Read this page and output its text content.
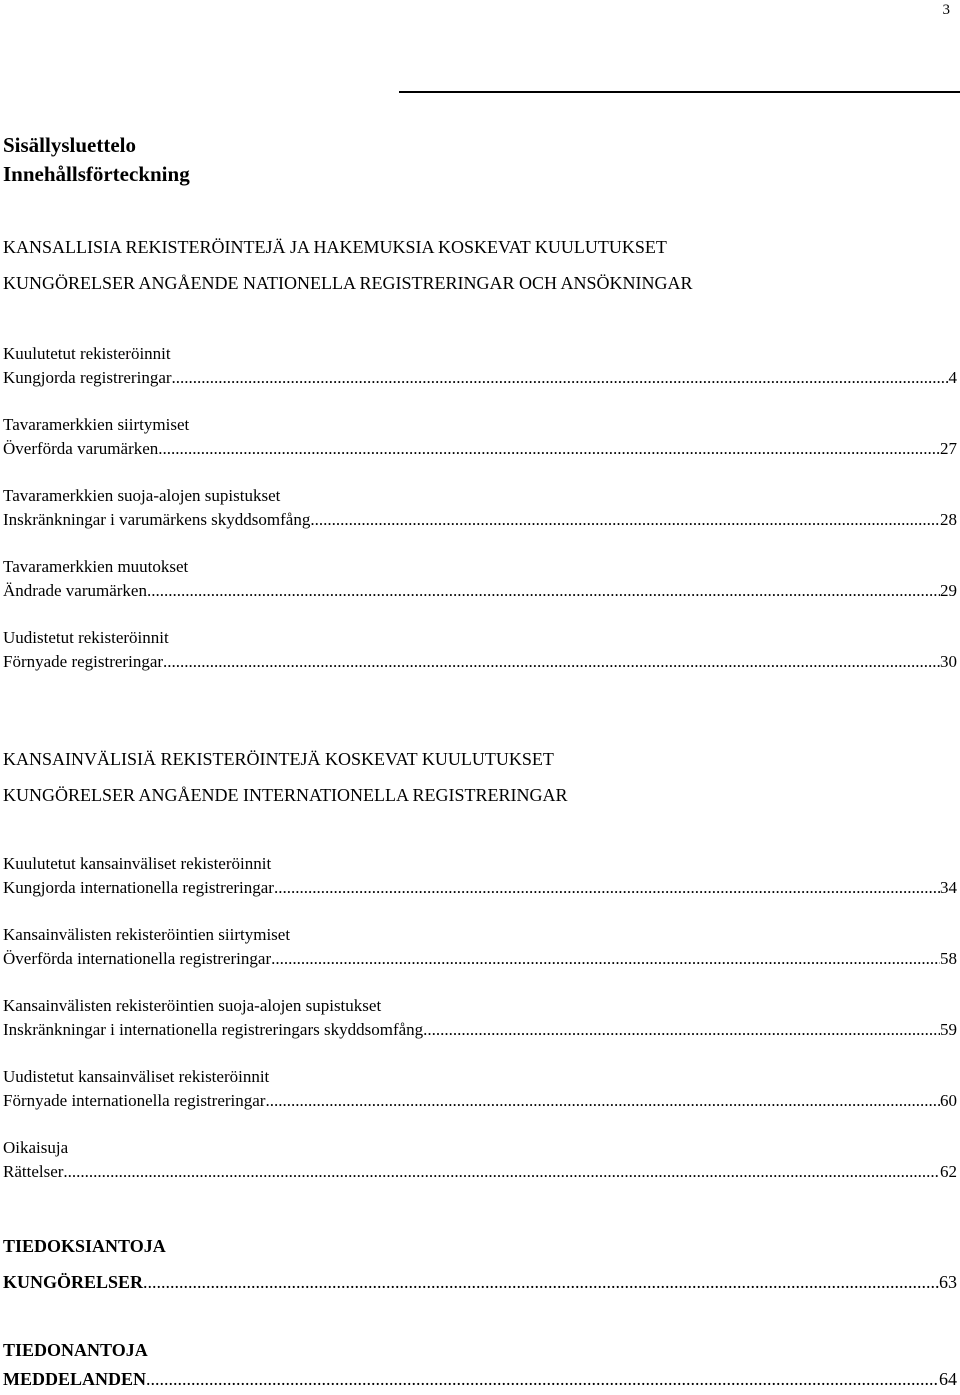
3
Sisällysluettelo
Innehållsförteckning
KANSALLISIA REKISTERÖINTEJÄ JA HAKEMUKSIA KOSKEVAT KUULUTUKSET
KUNGÖRELSER ANGÅENDE NATIONELLA REGISTRERINGAR OCH ANSÖKNINGAR
Kuulutetut rekisteröinnit
Kungjorda registreringar .....	4
Tavaramerkkien siirtymiset
Överförda varumärken .....	27
Tavaramerkkien suoja-alojen supistukset
Inskränkningar i varumärkens skyddsomfång .....	28
Tavaramerkkien muutokset
Ändrade varumärken .....	29
Uudistetut rekisteröinnit
Förnyade registreringar .....	30
KANSAINVÄLISIÄ REKISTERÖINTEJÄ KOSKEVAT KUULUTUKSET
KUNGÖRELSER ANGÅENDE INTERNATIONELLA REGISTRERINGAR
Kuulutetut kansainväliset rekisteröinnit
Kungjorda internationella registreringar .....	34
Kansainvälisten rekisteröintien siirtymiset
Överförda internationella registreringar .....	58
Kansainvälisten rekisteröintien suoja-alojen supistukset
Inskränkningar i internationella registreringars skyddsomfång .....	59
Uudistetut kansainväliset rekisteröinnit
Förnyade internationella registreringar .....	60
Oikaisuja
Rättelser .....	62
TIEDOKSIANTOJA
KUNGÖRELSER .....	63
TIEDONANTOJA
MEDDELANDEN .....	64
